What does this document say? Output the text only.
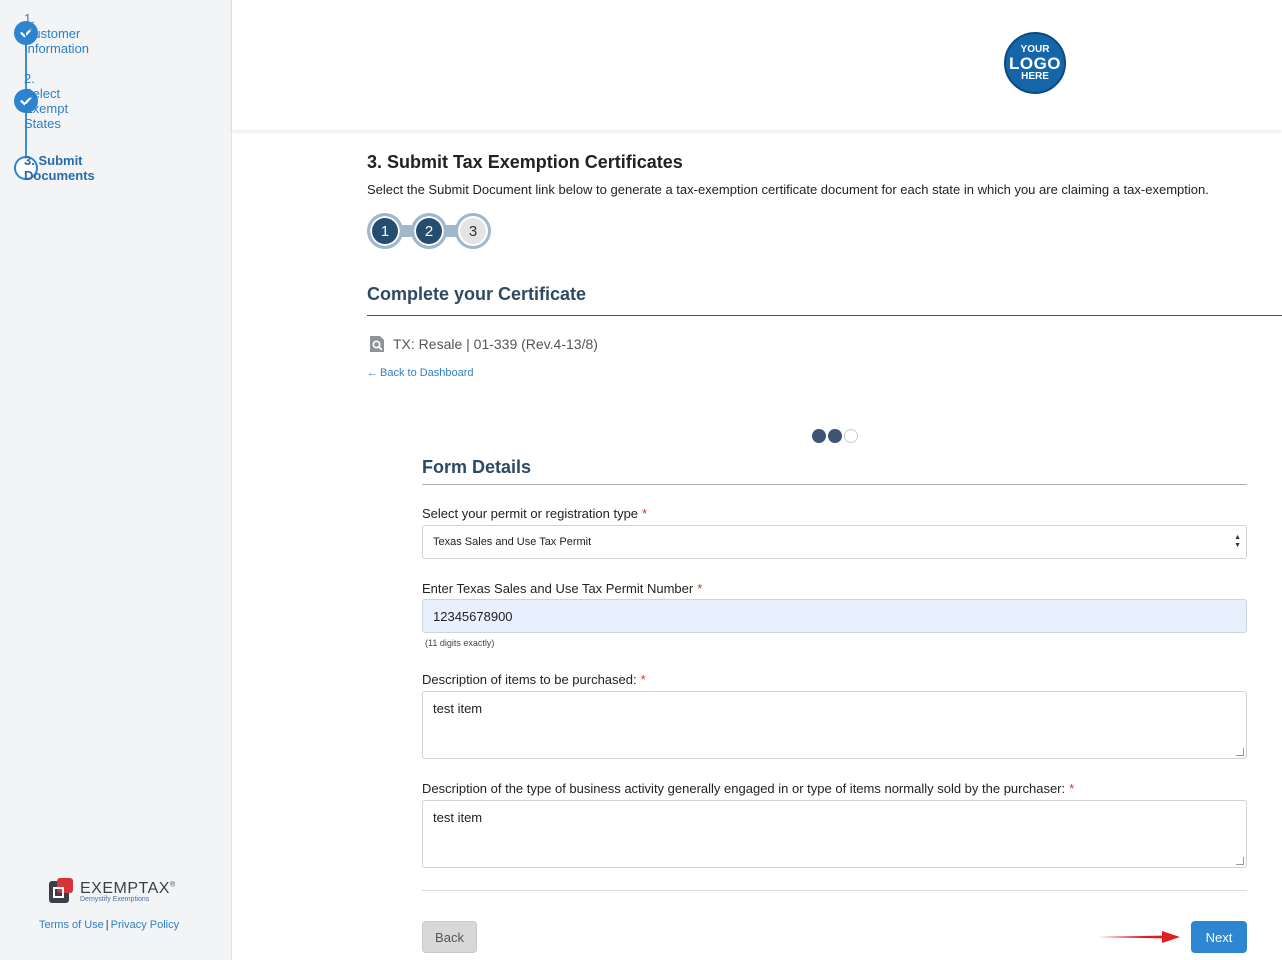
1. Customer Information
2. Select Exempt States
3. Submit Documents
EXEMPTAX®
Demystify Exemptions
Terms of Use | Privacy Policy
YOUR
LOGO
HERE
3. Submit Tax Exemption Certificates

Select the Submit Document link below to generate a tax-exemption certificate document for each state in which you are claiming a tax-exemption.

1	2	3
Complete your Certificate
TX: Resale | 01-339 (Rev.4-13/8)
← Back to Dashboard
Form Details
Select your permit or registration type *
Texas Sales and Use Tax Permit	▲
▼
Enter Texas Sales and Use Tax Permit Number *
12345678900
(11 digits exactly)
Description of items to be purchased: *
test item
Description of the type of business activity generally engaged in or type of items normally sold by the purchaser: *
test item
Back	Next
